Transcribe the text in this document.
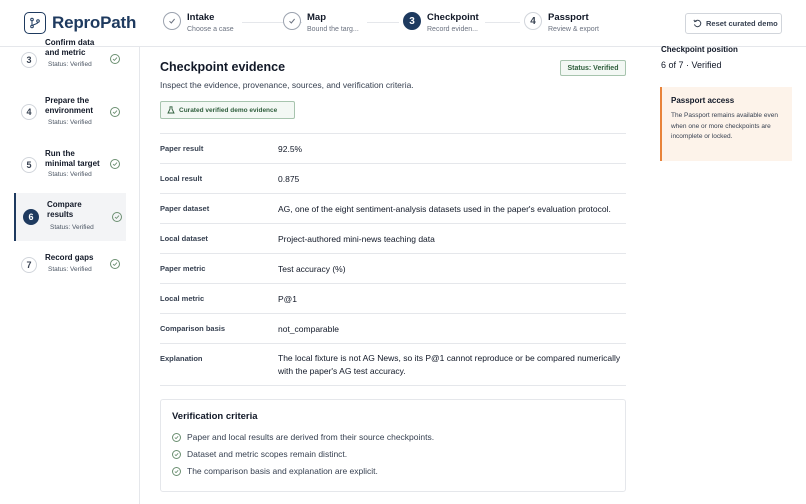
ReproPath	Intake
Choose a case
Map
Bound the targ...
3	Checkpoint
Record eviden...
4	Passport
Review & export
Reset curated demo
3
Confirm data and metric
Status: Verified
4
Prepare the environment
Status: Verified
5
Run the minimal target
Status: Verified
6
Compare results
Status: Verified
7
Record gaps
Status: Verified
Checkpoint evidence
Inspect the evidence, provenance, sources, and verification criteria.
Status: Verified
Curated verified demo evidence
Paper result	92.5%
Local result	0.875
Paper dataset	AG, one of the eight sentiment-analysis datasets used in the paper's evaluation protocol.
Local dataset	Project-authored mini-news teaching data
Paper metric	Test accuracy (%)
Local metric	P@1
Comparison basis	not_comparable
Explanation	The local fixture is not AG News, so its P@1 cannot reproduce or be compared numerically with the paper's AG test accuracy.
Verification criteria
Paper and local results are derived from their source checkpoints.
Dataset and metric scopes remain distinct.
The comparison basis and explanation are explicit.
Checkpoint position
6 of 7 · Verified
Passport access
The Passport remains available even when one or more checkpoints are incomplete or locked.
